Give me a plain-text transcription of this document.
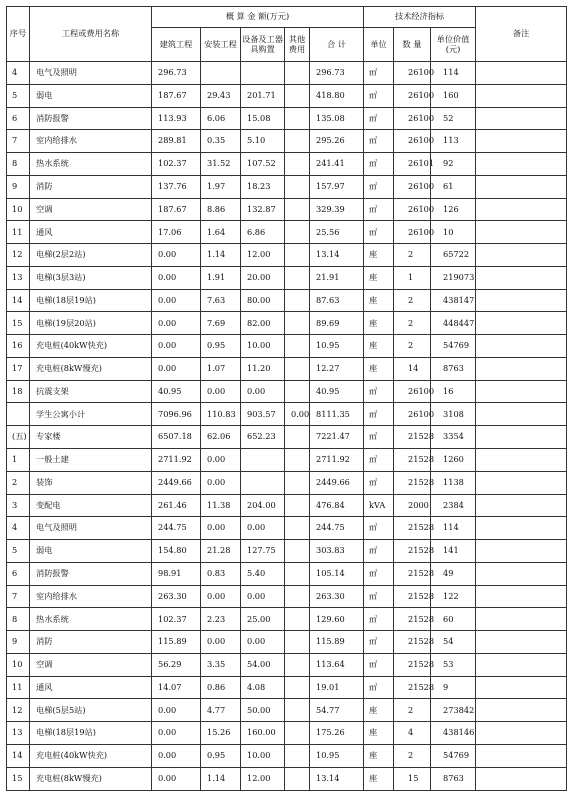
序号	工程或费用名称	概 算 金 额(万元)					技术经济指标			备注
		建筑工程	安装工程	设备及工器具购置	其他费用	合 计	单位	数 量	单位价值(元)	
4	电气及照明	296.73				296.73	㎡	26100	114	
5	弱电	187.67	29.43	201.71		418.80	㎡	26100	160	
6	消防报警	113.93	6.06	15.08		135.08	㎡	26100	52	
7	室内给排水	289.81	0.35	5.10		295.26	㎡	26100	113	
8	热水系统	102.37	31.52	107.52		241.41	㎡	26101	92	
9	消防	137.76	1.97	18.23		157.97	㎡	26100	61	
10	空调	187.67	8.86	132.87		329.39	㎡	26100	126	
11	通风	17.06	1.64	6.86		25.56	㎡	26100	10	
12	电梯(2层2站)	0.00	1.14	12.00		13.14	座	2	65722	
13	电梯(3层3站)	0.00	1.91	20.00		21.91	座	1	219073	
14	电梯(18层19站)	0.00	7.63	80.00		87.63	座	2	438147	
15	电梯(19层20站)	0.00	7.69	82.00		89.69	座	2	448447	
16	充电桩(40kW快充)	0.00	0.95	10.00		10.95	座	2	54769	
17	充电桩(8kW慢充)	0.00	1.07	11.20		12.27	座	14	8763	
18	抗震支架	40.95	0.00	0.00		40.95	㎡	26100	16	
	学生公寓小计	7096.96	110.83	903.57	0.00	8111.35	㎡	26100	3108	
(五)	专家楼	6507.18	62.06	652.23		7221.47	㎡	21528	3354	
1	一般土建	2711.92	0.00			2711.92	㎡	21528	1260	
2	装饰	2449.66	0.00			2449.66	㎡	21528	1138	
3	变配电	261.46	11.38	204.00		476.84	kVA	2000	2384	
4	电气及照明	244.75	0.00	0.00		244.75	㎡	21528	114	
5	弱电	154.80	21.28	127.75		303.83	㎡	21528	141	
6	消防报警	98.91	0.83	5.40		105.14	㎡	21528	49	
7	室内给排水	263.30	0.00	0.00		263.30	㎡	21528	122	
8	热水系统	102.37	2.23	25.00		129.60	㎡	21528	60	
9	消防	115.89	0.00	0.00		115.89	㎡	21528	54	
10	空调	56.29	3.35	54.00		113.64	㎡	21528	53	
11	通风	14.07	0.86	4.08		19.01	㎡	21528	9	
12	电梯(5层5站)	0.00	4.77	50.00		54.77	座	2	273842	
13	电梯(18层19站)	0.00	15.26	160.00		175.26	座	4	438146	
14	充电桩(40kW快充)	0.00	0.95	10.00		10.95	座	2	54769	
15	充电桩(8kW慢充)	0.00	1.14	12.00		13.14	座	15	8763	
